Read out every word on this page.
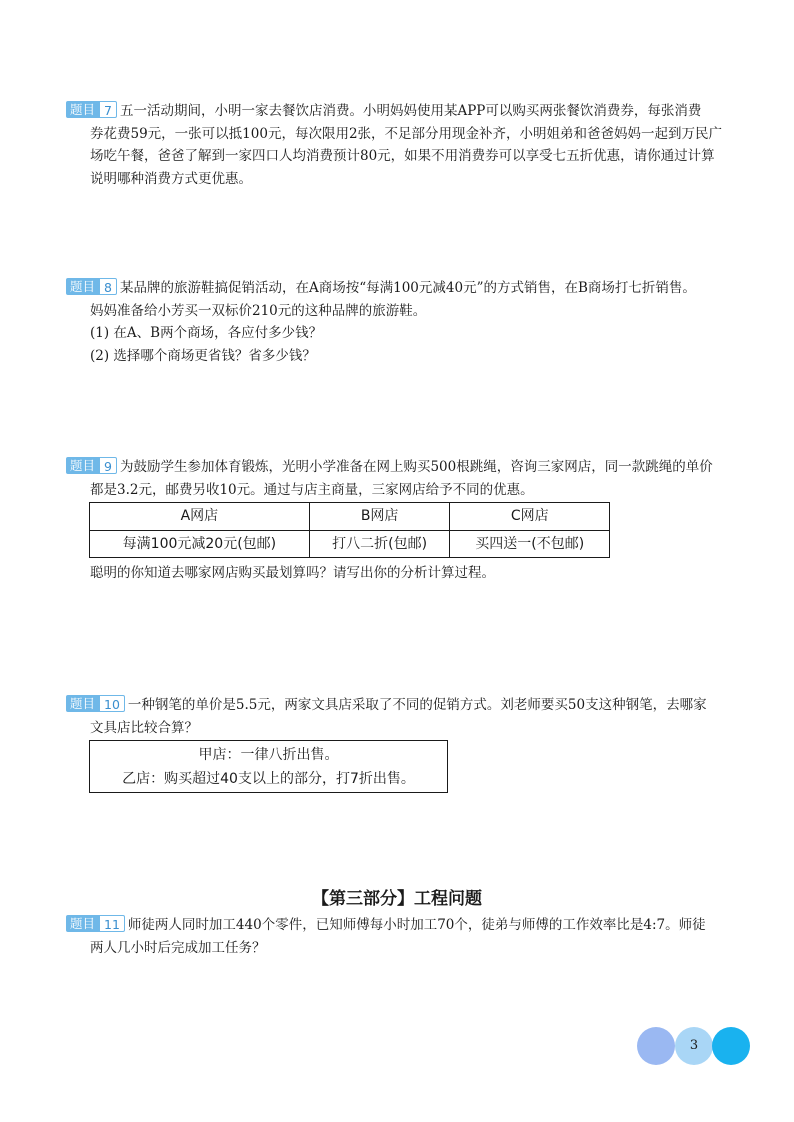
题目 7 五一活动期间，小明一家去餐饮店消费。小明妈妈使用某APP可以购买两张餐饮消费券，每张消费
券花费59元，一张可以抵100元，每次限用2张，不足部分用现金补齐，小明姐弟和爸爸妈妈一起到万民广
场吃午餐，爸爸了解到一家四口人均消费预计80元，如果不用消费券可以享受七五折优惠，请你通过计算
说明哪种消费方式更优惠。
题目 8 某品牌的旅游鞋搞促销活动，在A商场按“每满100元减40元”的方式销售，在B商场打七折销售。
妈妈准备给小芳买一双标价210元的这种品牌的旅游鞋。
(1) 在A、B两个商场，各应付多少钱？
(2) 选择哪个商场更省钱？省多少钱？
题目 9 为鼓励学生参加体育锻炼，光明小学准备在网上购买500根跳绳，咨询三家网店，同一款跳绳的单价
都是3.2元，邮费另收10元。通过与店主商量，三家网店给予不同的优惠。
A网店	B网店	C网店
每满100元减20元(包邮)	打八二折(包邮)	买四送一(不包邮)
聪明的你知道去哪家网店购买最划算吗？请写出你的分析计算过程。
题目 10 一种钢笔的单价是5.5元，两家文具店采取了不同的促销方式。刘老师要买50支这种钢笔，去哪家
文具店比较合算？
甲店：一律八折出售。
乙店：购买超过40支以上的部分，打7折出售。
【第三部分】工程问题
题目 11 师徒两人同时加工440个零件，已知师傅每小时加工70个，徒弟与师傅的工作效率比是4:7。师徒
两人几小时后完成加工任务？
3
